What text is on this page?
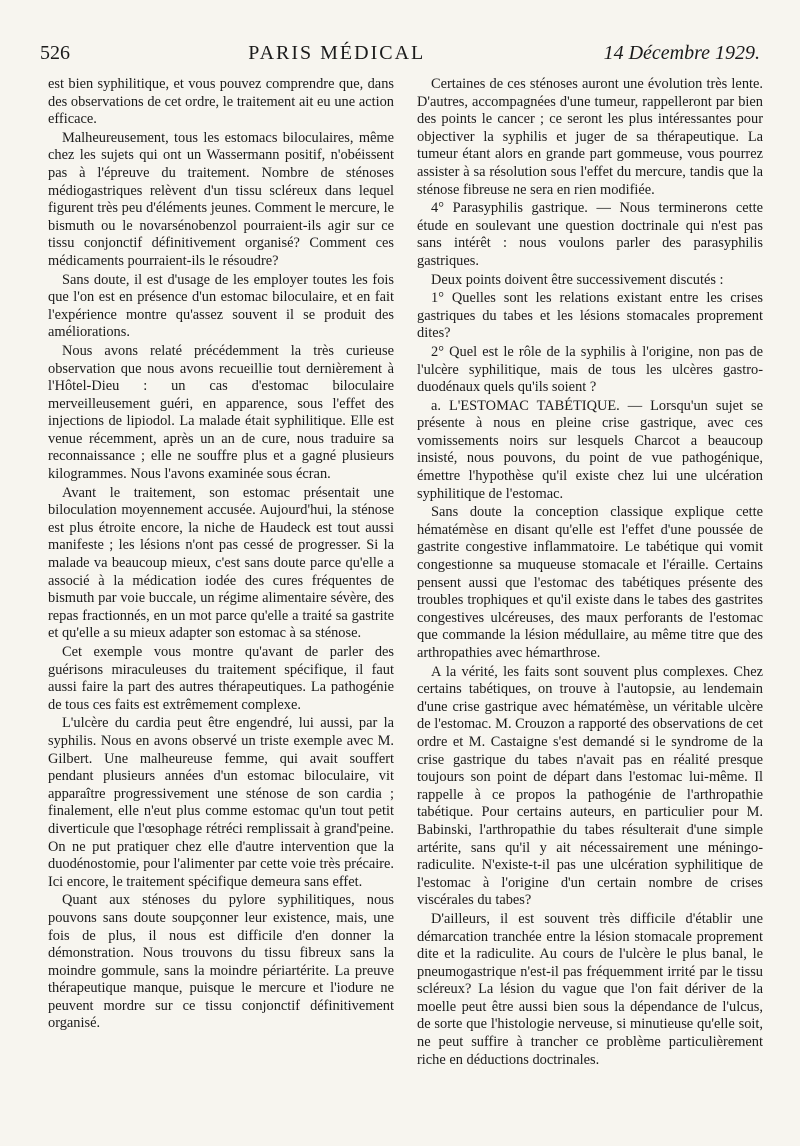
526	PARIS MÉDICAL	14 Décembre 1929.

est bien syphilitique, et vous pouvez comprendre que, dans des observations de cet ordre, le traitement ait eu une action efficace.

Malheureusement, tous les estomacs biloculaires, même chez les sujets qui ont un Wassermann positif, n'obéissent pas à l'épreuve du traitement. Nombre de sténoses médiogastriques relèvent d'un tissu scléreux dans lequel figurent très peu d'éléments jeunes. Comment le mercure, le bismuth ou le novarsénobenzol pourraient-ils agir sur ce tissu conjonctif définitivement organisé? Comment ces médicaments pourraient-ils le résoudre?

Sans doute, il est d'usage de les employer toutes les fois que l'on est en présence d'un estomac biloculaire, et en fait l'expérience montre qu'assez souvent il se produit des améliorations.

Nous avons relaté précédemment la très curieuse observation que nous avons recueillie tout dernièrement à l'Hôtel-Dieu : un cas d'estomac biloculaire merveilleusement guéri, en apparence, sous l'effet des injections de lipiodol. La malade était syphilitique. Elle est venue récemment, après un an de cure, nous traduire sa reconnaissance ; elle ne souffre plus et a gagné plusieurs kilogrammes. Nous l'avons examinée sous écran.

Avant le traitement, son estomac présentait une biloculation moyennement accusée. Aujourd'hui, la sténose est plus étroite encore, la niche de Haudeck est tout aussi manifeste ; les lésions n'ont pas cessé de progresser. Si la malade va beaucoup mieux, c'est sans doute parce qu'elle a associé à la médication iodée des cures fréquentes de bismuth par voie buccale, un régime alimentaire sévère, des repas fractionnés, en un mot parce qu'elle a traité sa gastrite et qu'elle a su mieux adapter son estomac à sa sténose.

Cet exemple vous montre qu'avant de parler des guérisons miraculeuses du traitement spécifique, il faut aussi faire la part des autres thérapeutiques. La pathogénie de tous ces faits est extrêmement complexe.

L'ulcère du cardia peut être engendré, lui aussi, par la syphilis. Nous en avons observé un triste exemple avec M. Gilbert. Une malheureuse femme, qui avait souffert pendant plusieurs années d'un estomac biloculaire, vit apparaître progressivement une sténose de son cardia ; finalement, elle n'eut plus comme estomac qu'un tout petit diverticule que l'œsophage rétréci remplissait à grand'peine. On ne put pratiquer chez elle d'autre intervention que la duodénostomie, pour l'alimenter par cette voie très précaire. Ici encore, le traitement spécifique demeura sans effet.

Quant aux sténoses du pylore syphilitiques, nous pouvons sans doute soupçonner leur existence, mais, une fois de plus, il nous est difficile d'en donner la démonstration. Nous trouvons du tissu fibreux sans la moindre gommule, sans la moindre périartérite. La preuve thérapeutique manque, puisque le mercure et l'iodure ne peuvent mordre sur ce tissu conjonctif définitivement organisé.

Certaines de ces sténoses auront une évolution très lente. D'autres, accompagnées d'une tumeur, rappelleront par bien des points le cancer ; ce seront les plus intéressantes pour objectiver la syphilis et juger de sa thérapeutique. La tumeur étant alors en grande part gommeuse, vous pourrez assister à sa résolution sous l'effet du mercure, tandis que la sténose fibreuse ne sera en rien modifiée.

4° Parasyphilis gastrique. — Nous terminerons cette étude en soulevant une question doctrinale qui n'est pas sans intérêt : nous voulons parler des parasyphilis gastriques.

Deux points doivent être successivement discutés :

1° Quelles sont les relations existant entre les crises gastriques du tabes et les lésions stomacales proprement dites?

2° Quel est le rôle de la syphilis à l'origine, non pas de l'ulcère syphilitique, mais de tous les ulcères gastro-duodénaux quels qu'ils soient ?

a. L'ESTOMAC TABÉTIQUE. — Lorsqu'un sujet se présente à nous en pleine crise gastrique, avec ces vomissements noirs sur lesquels Charcot a beaucoup insisté, nous pouvons, du point de vue pathogénique, émettre l'hypothèse qu'il existe chez lui une ulcération syphilitique de l'estomac.

Sans doute la conception classique explique cette hématémèse en disant qu'elle est l'effet d'une poussée de gastrite congestive inflammatoire. Le tabétique qui vomit congestionne sa muqueuse stomacale et l'éraille. Certains pensent aussi que l'estomac des tabétiques présente des troubles trophiques et qu'il existe dans le tabes des gastrites congestives ulcéreuses, des maux perforants de l'estomac que commande la lésion médullaire, au même titre que des arthropathies avec hémarthrose.

A la vérité, les faits sont souvent plus complexes. Chez certains tabétiques, on trouve à l'autopsie, au lendemain d'une crise gastrique avec hématémèse, un véritable ulcère de l'estomac. M. Crouzon a rapporté des observations de cet ordre et M. Castaigne s'est demandé si le syndrome de la crise gastrique du tabes n'avait pas en réalité presque toujours son point de départ dans l'estomac lui-même. Il rappelle à ce propos la pathogénie de l'arthropathie tabétique. Pour certains auteurs, en particulier pour M. Babinski, l'arthropathie du tabes résulterait d'une simple artérite, sans qu'il y ait nécessairement une méningo-radiculite. N'existe-t-il pas une ulcération syphilitique de l'estomac à l'origine d'un certain nombre de crises viscérales du tabes?

D'ailleurs, il est souvent très difficile d'établir une démarcation tranchée entre la lésion stomacale proprement dite et la radiculite. Au cours de l'ulcère le plus banal, le pneumogastrique n'est-il pas fréquemment irrité par le tissu scléreux? La lésion du vague que l'on fait dériver de la moelle peut être aussi bien sous la dépendance de l'ulcus, de sorte que l'histologie nerveuse, si minutieuse qu'elle soit, ne peut suffire à trancher ce problème particulièrement riche en déductions doctrinales.
